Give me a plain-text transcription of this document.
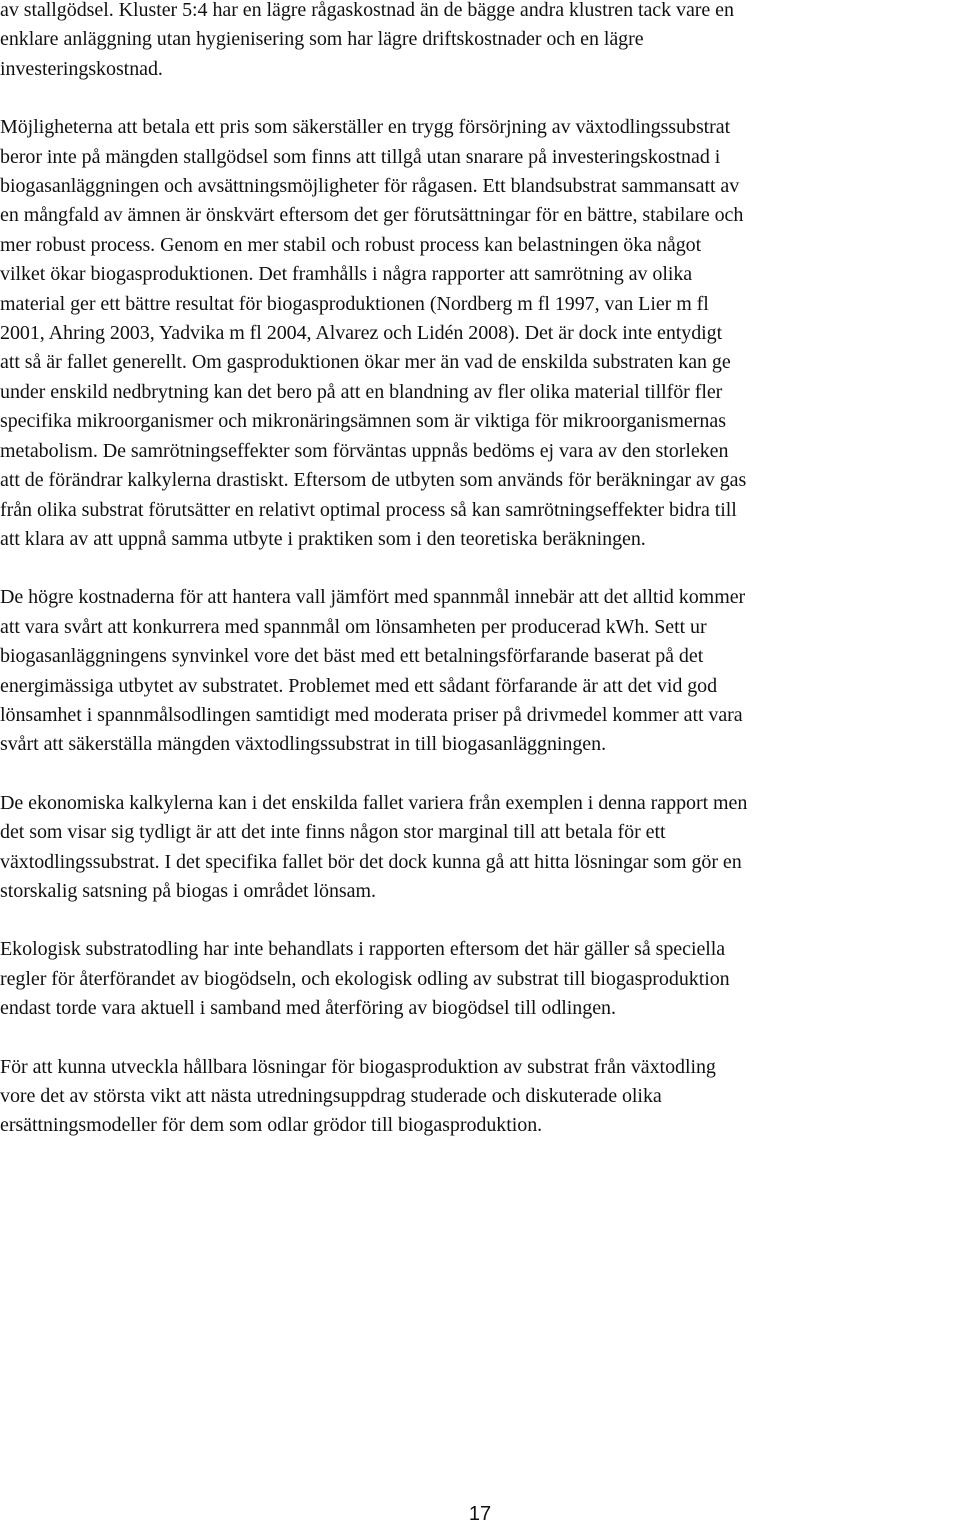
av stallgödsel. Kluster 5:4 har en lägre rågaskostnad än de bägge andra klustren tack vare en
enklare anläggning utan hygienisering som har lägre driftskostnader och en lägre
investeringskostnad.

Möjligheterna att betala ett pris som säkerställer en trygg försörjning av växtodlingssubstrat
beror inte på mängden stallgödsel som finns att tillgå utan snarare på investeringskostnad i
biogasanläggningen och avsättningsmöjligheter för rågasen. Ett blandsubstrat sammansatt av
en mångfald av ämnen är önskvärt eftersom det ger förutsättningar för en bättre, stabilare och
mer robust process. Genom en mer stabil och robust process kan belastningen öka något
vilket ökar biogasproduktionen. Det framhålls i några rapporter att samrötning av olika
material ger ett bättre resultat för biogasproduktionen (Nordberg m fl 1997, van Lier m fl
2001, Ahring 2003, Yadvika m fl 2004, Alvarez och Lidén 2008). Det är dock inte entydigt
att så är fallet generellt. Om gasproduktionen ökar mer än vad de enskilda substraten kan ge
under enskild nedbrytning kan det bero på att en blandning av fler olika material tillför fler
specifika mikroorganismer och mikronäringsämnen som är viktiga för mikroorganismernas
metabolism. De samrötningseffekter som förväntas uppnås bedöms ej vara av den storleken
att de förändrar kalkylerna drastiskt. Eftersom de utbyten som används för beräkningar av gas
från olika substrat förutsätter en relativt optimal process så kan samrötningseffekter bidra till
att klara av att uppnå samma utbyte i praktiken som i den teoretiska beräkningen.

De högre kostnaderna för att hantera vall jämfört med spannmål innebär att det alltid kommer
att vara svårt att konkurrera med spannmål om lönsamheten per producerad kWh. Sett ur
biogasanläggningens synvinkel vore det bäst med ett betalningsförfarande baserat på det
energimässiga utbytet av substratet. Problemet med ett sådant förfarande är att det vid god
lönsamhet i spannmålsodlingen samtidigt med moderata priser på drivmedel kommer att vara
svårt att säkerställa mängden växtodlingssubstrat in till biogasanläggningen.

De ekonomiska kalkylerna kan i det enskilda fallet variera från exemplen i denna rapport men
det som visar sig tydligt är att det inte finns någon stor marginal till att betala för ett
växtodlingssubstrat. I det specifika fallet bör det dock kunna gå att hitta lösningar som gör en
storskalig satsning på biogas i området lönsam.

Ekologisk substratodling har inte behandlats i rapporten eftersom det här gäller så speciella
regler för återförandet av biogödseln, och ekologisk odling av substrat till biogasproduktion
endast torde vara aktuell i samband med återföring av biogödsel till odlingen.

För att kunna utveckla hållbara lösningar för biogasproduktion av substrat från växtodling
vore det av största vikt att nästa utredningsuppdrag studerade och diskuterade olika
ersättningsmodeller för dem som odlar grödor till biogasproduktion.

17
